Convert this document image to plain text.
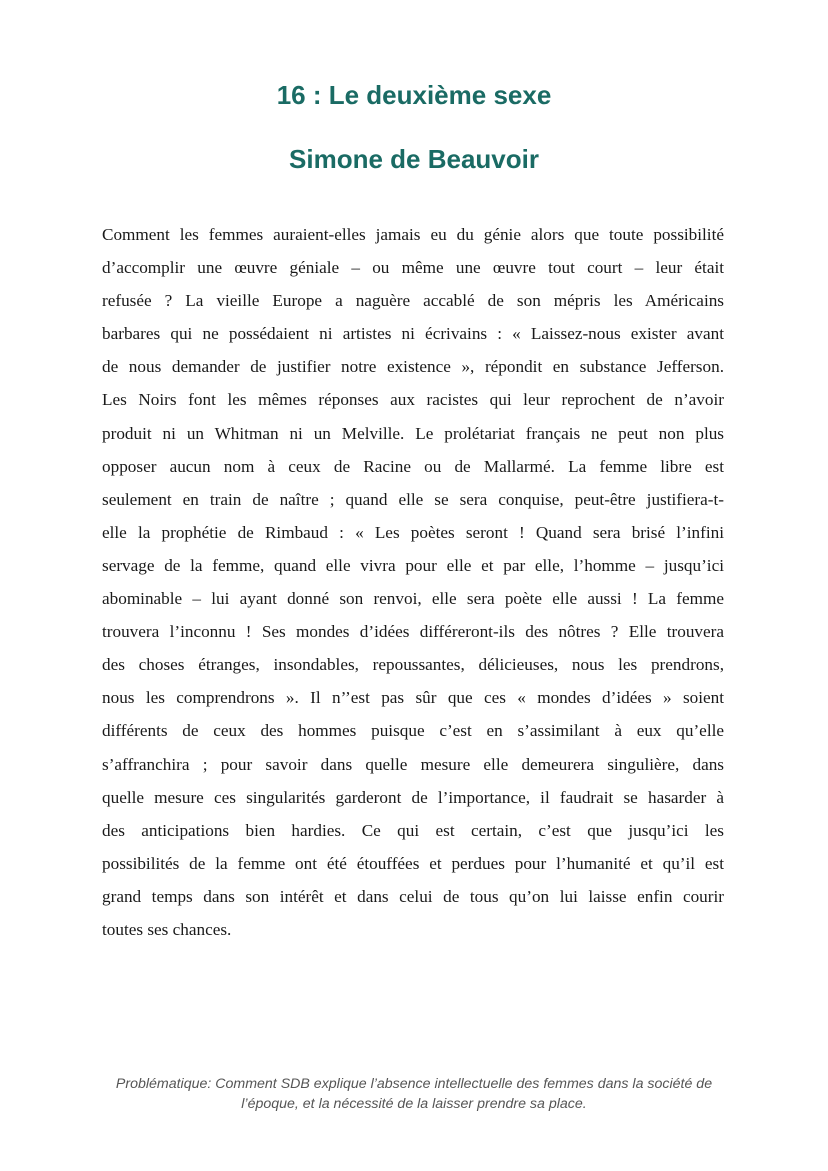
16 : Le deuxième sexe
Simone de Beauvoir
Comment les femmes auraient-elles jamais eu du génie alors que toute possibilité
d’accomplir une œuvre géniale – ou même une œuvre tout court – leur était
refusée ? La vieille Europe a naguère accablé de son mépris les Américains
barbares qui ne possédaient ni artistes ni écrivains : « Laissez-nous exister avant
de nous demander de justifier notre existence », répondit en substance Jefferson.
Les Noirs font les mêmes réponses aux racistes qui leur reprochent de n’avoir
produit ni un Whitman ni un Melville. Le prolétariat français ne peut non plus
opposer aucun nom à ceux de Racine ou de Mallarmé. La femme libre est
seulement en train de naître ; quand elle se sera conquise, peut-être justifiera-t-
elle la prophétie de Rimbaud : « Les poètes seront ! Quand sera brisé l’infini
servage de la femme, quand elle vivra pour elle et par elle, l’homme – jusqu’ici
abominable – lui ayant donné son renvoi, elle sera poète elle aussi ! La femme
trouvera l’inconnu ! Ses mondes d’idées différeront-ils des nôtres ? Elle trouvera
des choses étranges, insondables, repoussantes, délicieuses, nous les prendrons,
nous les comprendrons ». Il n’’est pas sûr que ces « mondes d’idées » soient
différents de ceux des hommes puisque c’est en s’assimilant à eux qu’elle
s’affranchira ; pour savoir dans quelle mesure elle demeurera singulière, dans
quelle mesure ces singularités garderont de l’importance, il faudrait se hasarder à
des anticipations bien hardies. Ce qui est certain, c’est que jusqu’ici les
possibilités de la femme ont été étouffées et perdues pour l’humanité et qu’il est
grand temps dans son intérêt et dans celui de tous qu’on lui laisse enfin courir
toutes ses chances.

Problématique: Comment SDB explique l’absence intellectuelle des femmes dans la société de
l’époque, et la nécessité de la laisser prendre sa place.
